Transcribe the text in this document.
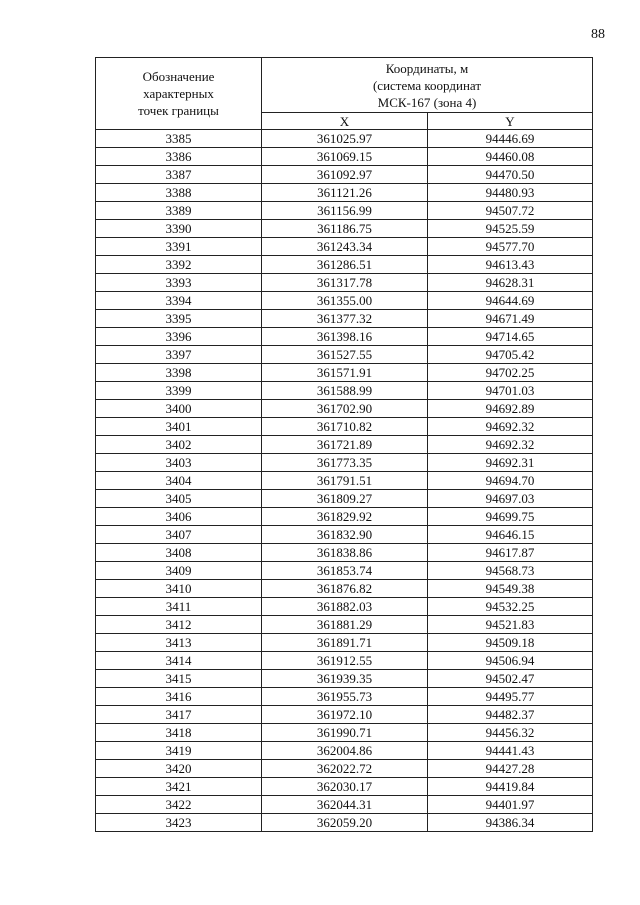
88
Обозначение
характерных
точек границы	Координаты, м
(система координат
МСК-167 (зона 4)	

	X	Y
3385	361025.97	94446.69
3386	361069.15	94460.08
3387	361092.97	94470.50
3388	361121.26	94480.93
3389	361156.99	94507.72
3390	361186.75	94525.59
3391	361243.34	94577.70
3392	361286.51	94613.43
3393	361317.78	94628.31
3394	361355.00	94644.69
3395	361377.32	94671.49
3396	361398.16	94714.65
3397	361527.55	94705.42
3398	361571.91	94702.25
3399	361588.99	94701.03
3400	361702.90	94692.89
3401	361710.82	94692.32
3402	361721.89	94692.32
3403	361773.35	94692.31
3404	361791.51	94694.70
3405	361809.27	94697.03
3406	361829.92	94699.75
3407	361832.90	94646.15
3408	361838.86	94617.87
3409	361853.74	94568.73
3410	361876.82	94549.38
3411	361882.03	94532.25
3412	361881.29	94521.83
3413	361891.71	94509.18
3414	361912.55	94506.94
3415	361939.35	94502.47
3416	361955.73	94495.77
3417	361972.10	94482.37
3418	361990.71	94456.32
3419	362004.86	94441.43
3420	362022.72	94427.28
3421	362030.17	94419.84
3422	362044.31	94401.97
3423	362059.20	94386.34
